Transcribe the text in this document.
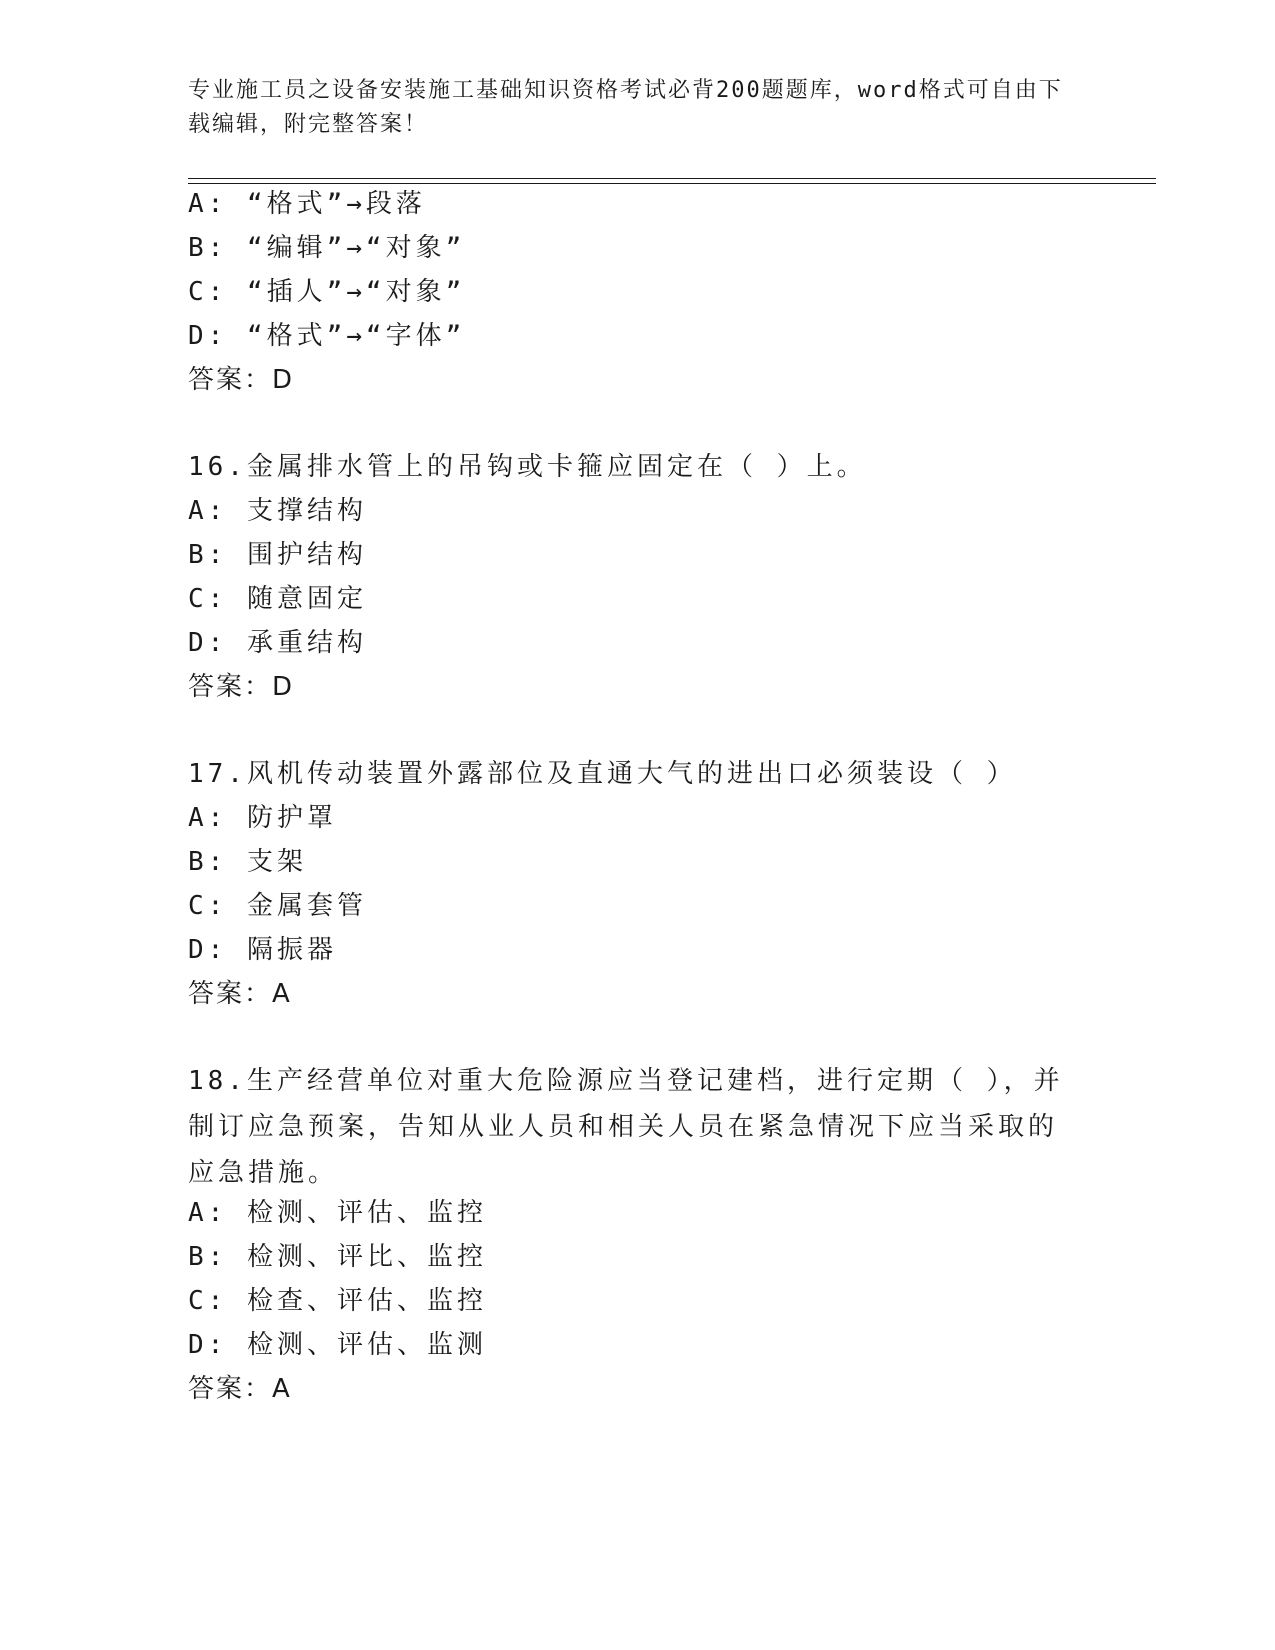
专业施工员之设备安装施工基础知识资格考试必背200题题库，word格式可自由下载编辑，附完整答案！
A: “格式”→段落
B: “编辑”→“对象”
C: “插人”→“对象”
D: “格式”→“字体”
答案：D
16.金属排水管上的吊钩或卡箍应固定在（ ）上。
A: 支撑结构
B: 围护结构
C: 随意固定
D: 承重结构
答案：D
17.风机传动装置外露部位及直通大气的进出口必须装设（ ）
A: 防护罩
B: 支架
C: 金属套管
D: 隔振器
答案：A
18.生产经营单位对重大危险源应当登记建档，进行定期（ ），并制订应急预案，告知从业人员和相关人员在紧急情况下应当采取的应急措施。
A: 检测、评估、监控
B: 检测、评比、监控
C: 检查、评估、监控
D: 检测、评估、监测
答案：A
